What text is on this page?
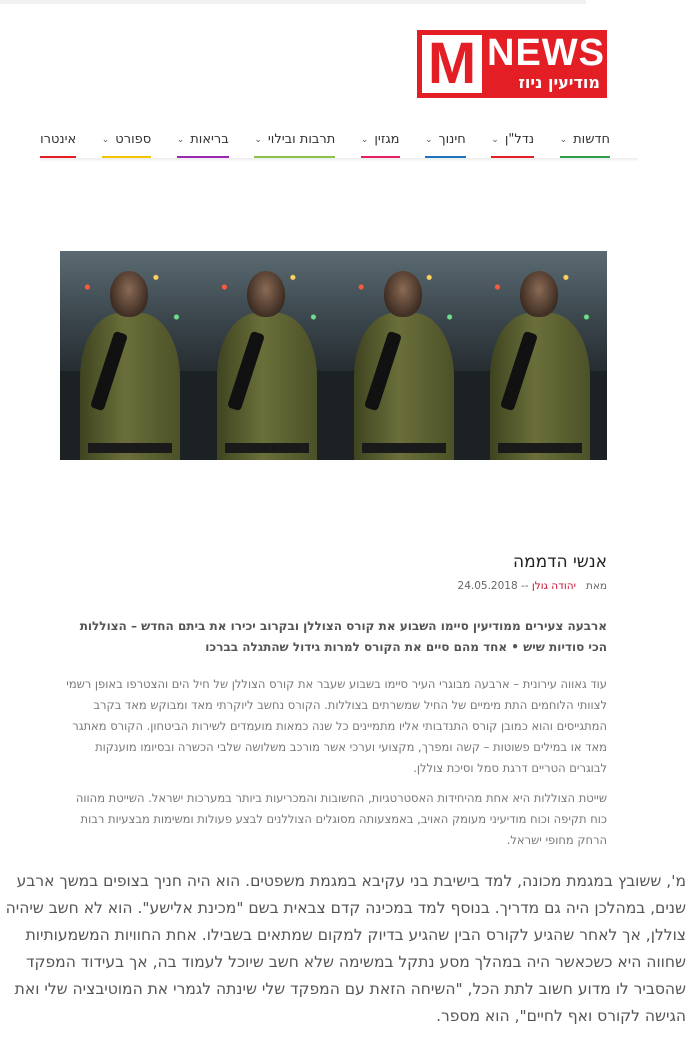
M NEWS
מודיעין ניוז
חדשות
⌄
נדל"ן
⌄
חינוך
⌄
מגזין
⌄
תרבות ובילוי
⌄
בריאות
⌄
ספורט
⌄
אינטרו
אנשי הדממה
מאת   יהודה גולן -- 24.05.2018
ארבעה צעירים ממודיעין סיימו השבוע את קורס הצוללן ובקרוב יכירו את ביתם החדש – הצוללות הכי סודיות שיש • אחד מהם סיים את הקורס למרות גידול שהתגלה בברכו
עוד גאווה עירונית – ארבעה מבוגרי העיר סיימו בשבוע שעבר את קורס הצוללן של חיל הים והצטרפו באופן רשמי לצוותי הלוחמים התת מימיים של החיל שמשרתים בצוללות. הקורס נחשב ליוקרתי מאד ומבוקש מאד בקרב המתגייסים והוא כמובן קורס התנדבותי אליו מתמיינים כל שנה כמאות מועמדים לשירות הביטחון. הקורס מאתגר מאד או במילים פשוטות – קשה ומפרך, מקצועי וערכי אשר מורכב משלושה שלבי הכשרה ובסיומו מוענקות לבוגרים הטריים דרגת סמל וסיכת צוללן.
שייטת הצוללות היא אחת מהיחידות האסטרטגיות, החשובות והמכריעות ביותר במערכות ישראל. השייטת מהווה כוח תקיפה וכוח מודיעיני מעומק האויב, באמצעותה מסוגלים הצוללנים לבצע פעולות ומשימות מבצעיות רבות הרחק מחופי ישראל.
מ', ששובץ במגמת מכונה, למד בישיבת בני עקיבא במגמת משפטים. הוא היה חניך בצופים במשך ארבע שנים, במהלכן היה גם מדריך. בנוסף למד במכינה קדם צבאית בשם "מכינת אלישע". הוא לא חשב שיהיה צוללן, אך לאחר שהגיע לקורס הבין שהגיע בדיוק למקום שמתאים בשבילו. אחת החוויות המשמעותיות שחווה היא כשכאשר היה במהלך מסע נתקל במשימה שלא חשב שיוכל לעמוד בה, אך בעידוד המפקד שהסביר לו מדוע חשוב לתת הכל, "השיחה הזאת עם המפקד שלי שינתה לגמרי את המוטיבציה שלי ואת הגישה לקורס ואף לחיים", הוא מספר.
